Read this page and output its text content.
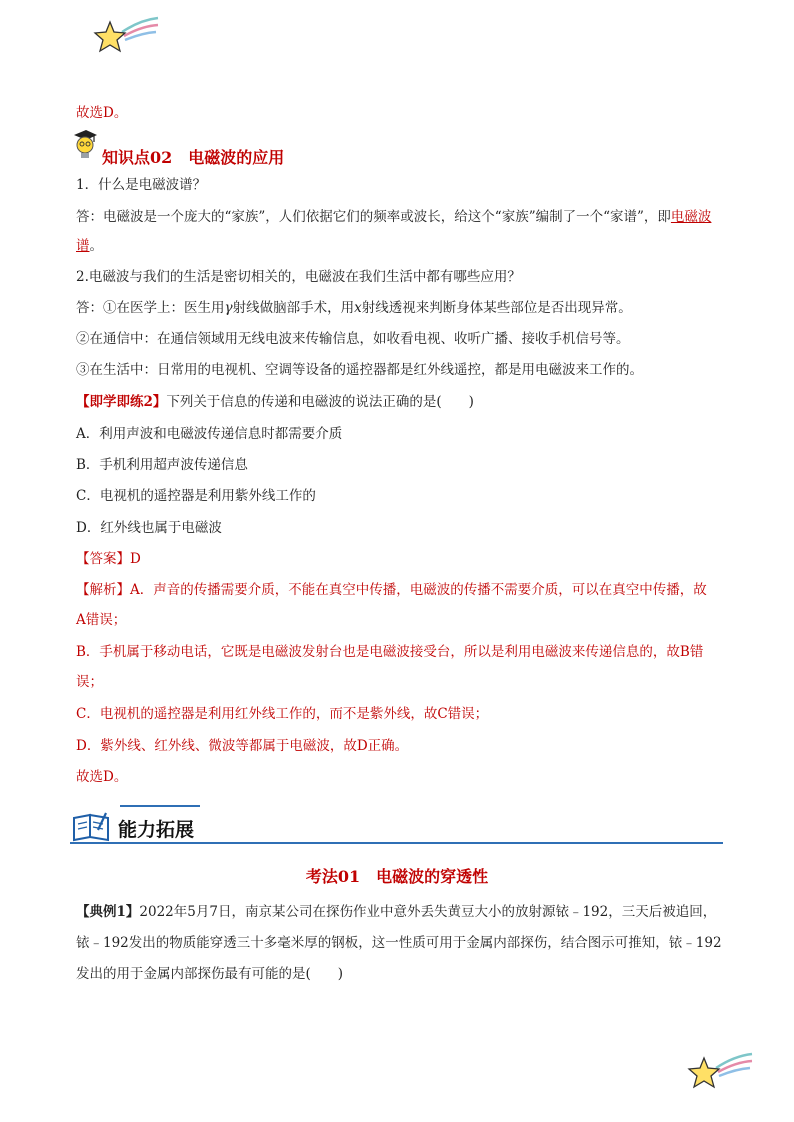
故选D。
知识点02　电磁波的应用
1．什么是电磁波谱？
答：电磁波是一个庞大的“家族”，人们依据它们的频率或波长，给这个“家族”编制了一个“家谱”，即电磁波
谱。
2.电磁波与我们的生活是密切相关的，电磁波在我们生活中都有哪些应用？
答：①在医学上：医生用γ射线做脑部手术，用x射线透视来判断身体某些部位是否出现异常。
②在通信中：在通信领域用无线电波来传输信息，如收看电视、收听广播、接收手机信号等。
③在生活中：日常用的电视机、空调等设备的遥控器都是红外线遥控，都是用电磁波来工作的。
【即学即练2】下列关于信息的传递和电磁波的说法正确的是(　　)
A．利用声波和电磁波传递信息时都需要介质
B．手机利用超声波传递信息
C．电视机的遥控器是利用紫外线工作的
D．红外线也属于电磁波
【答案】D
【解析】A．声音的传播需要介质，不能在真空中传播，电磁波的传播不需要介质，可以在真空中传播，故
A错误；
B．手机属于移动电话，它既是电磁波发射台也是电磁波接受台，所以是利用电磁波来传递信息的，故B错
误；
C．电视机的遥控器是利用红外线工作的，而不是紫外线，故C错误；
D．紫外线、红外线、微波等都属于电磁波，故D正确。
故选D。
能力拓展
考法01　电磁波的穿透性
【典例1】2022年5月7日，南京某公司在探伤作业中意外丢失黄豆大小的放射源铱﹣192，三天后被追回，
铱﹣192发出的物质能穿透三十多毫米厚的钢板，这一性质可用于金属内部探伤，结合图示可推知，铱﹣192
发出的用于金属内部探伤最有可能的是(　　)
